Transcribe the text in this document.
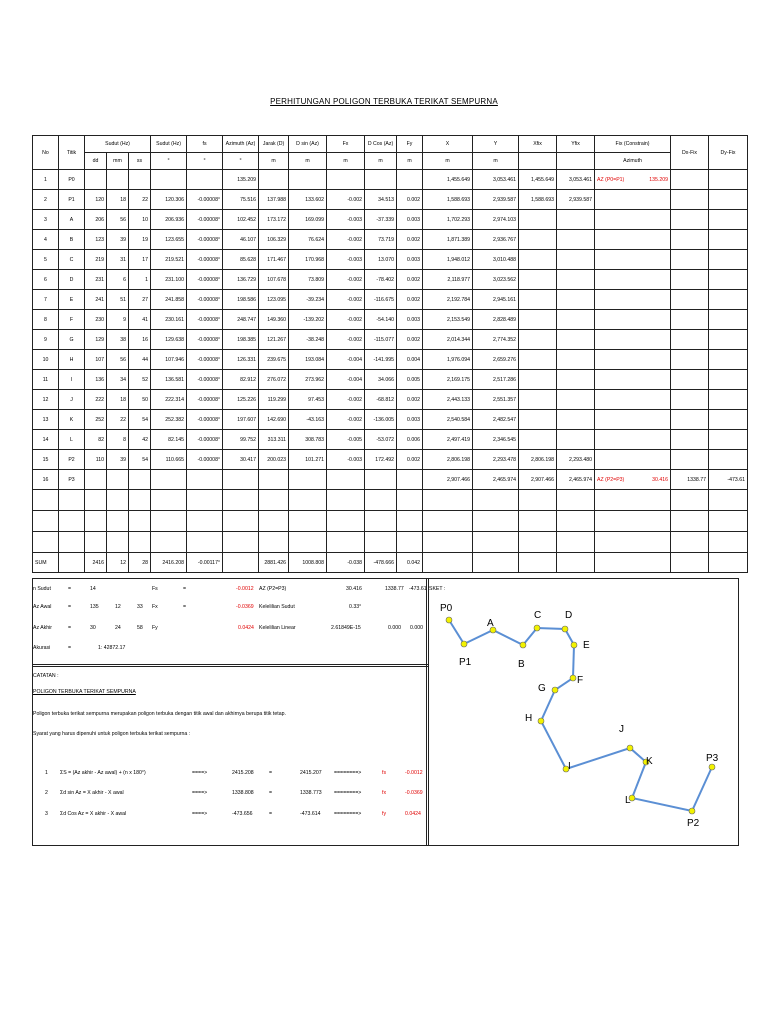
PERHITUNGAN POLIGON TERBUKA TERIKAT SEMPURNA
No	Titik	Sudut (Hz)			Sudut (Hz)	fs	Azimuth (Az)	Jarak (D)	D sin (Az)	Fx	D Cos (Az)	Fy	X	Y	Xfix	Yfix	Fix (Constrain)	Dx-Fix	Dy-Fix
		dd	mm	ss	°	°	°	m	m	m	m	m	m	m			Azimuth		
1	P0						135.209						1,455.649	3,053.461	1,455.649	3,053.461	AZ (P0=P1) 135.209		

2	P1	120	18	22	120.306	-0.00008°	75.516	137.988	133.602	-0.002	34.513	0.002	1,588.693	2,939.587	1,588.693	2,939.587			
3	A	206	56	10	206.936	-0.00008°	102.452	173.172	169.099	-0.003	-37.339	0.003	1,702.293	2,974.103					
4	B	123	39	19	123.655	-0.00008°	46.107	106.329	76.624	-0.002	73.719	0.002	1,871.389	2,936.767					
5	C	219	31	17	219.521	-0.00008°	85.628	171.467	170.968	-0.003	13.070	0.003	1,948.012	3,010.488					
6	D	231	6	1	231.100	-0.00008°	136.729	107.678	73.809	-0.002	-78.402	0.002	2,118.977	3,023.562					
7	E	241	51	27	241.858	-0.00008°	198.586	123.095	-39.234	-0.002	-116.675	0.002	2,192.784	2,945.161					
8	F	230	9	41	230.161	-0.00008°	248.747	149.360	-139.202	-0.002	-54.140	0.003	2,153.549	2,828.489					
9	G	129	38	16	129.638	-0.00008°	198.385	121.267	-38.248	-0.002	-115.077	0.002	2,014.344	2,774.352					
10	H	107	56	44	107.946	-0.00008°	126.331	239.675	193.084	-0.004	-141.995	0.004	1,976.094	2,659.276					
11	I	136	34	52	136.581	-0.00008°	82.912	276.072	273.962	-0.004	34.066	0.005	2,169.175	2,517.286					
12	J	222	18	50	222.314	-0.00008°	125.226	119.299	97.453	-0.002	-68.812	0.002	2,443.133	2,551.357					
13	K	252	22	54	252.382	-0.00008°	197.607	142.690	-43.163	-0.002	-136.005	0.003	2,540.584	2,482.547					
14	L	82	8	42	82.145	-0.00008°	99.752	313.311	308.783	-0.005	-53.072	0.006	2,497.419	2,346.545					
15	P2	110	39	54	110.665	-0.00008°	30.417	200.023	101.271	-0.003	172.492	0.002	2,806.198	2,293.478	2,806.198	2,293.480			
16	P3												2,907.466	2,465.974	2,907.466	2,465.974	AZ (P2=P3) 30.416	1338.77	-473.61

SUM		2416	12	28	2416.208	-0.00117°		2881.426	1008.808	-0.038	-478.666	0.042							
n Sudut	=	14
Az Awal	=	135	12	33
Az Akhir	=	30	24	58
Akurasi	=	1: 42872.17
Fs	=	-0.0012
Fx	=	-0.0369
Fy	0.0424
AZ (P2=P3)	30.416	1338.77 -473.61
Kelelilian Sudut	0.33°
Kelelilian Linear	2.61849E-15	0.000 0.000
SKET :
CATATAN :
POLIGON TERBUKA TERIKAT SEMPURNA
Poligon terbuka terikat sempurna merupakan poligon terbuka dengan titik awal dan akhirnya berupa titik tetap.
Syarat yang harus dipenuhi untuk poligon terbuka terikat sempurna :
1 ΣS = (Az akhir - Az awal) + (n x 180°)	====>	2415.208	=	2415.207 ========>	fs	-0.0012
2 Σd sin Az = X akhir - X awal	====>	1338.808	=	1338.773 ========>	fx	-0.0369
3 Σd Cos Az = X akhir - X awal	====>	-473.656	=	-473.614	========>	fy	0.0424
P0
P1
A
B
C D
E
F
G
H
I
J
K
L
P2
P3
